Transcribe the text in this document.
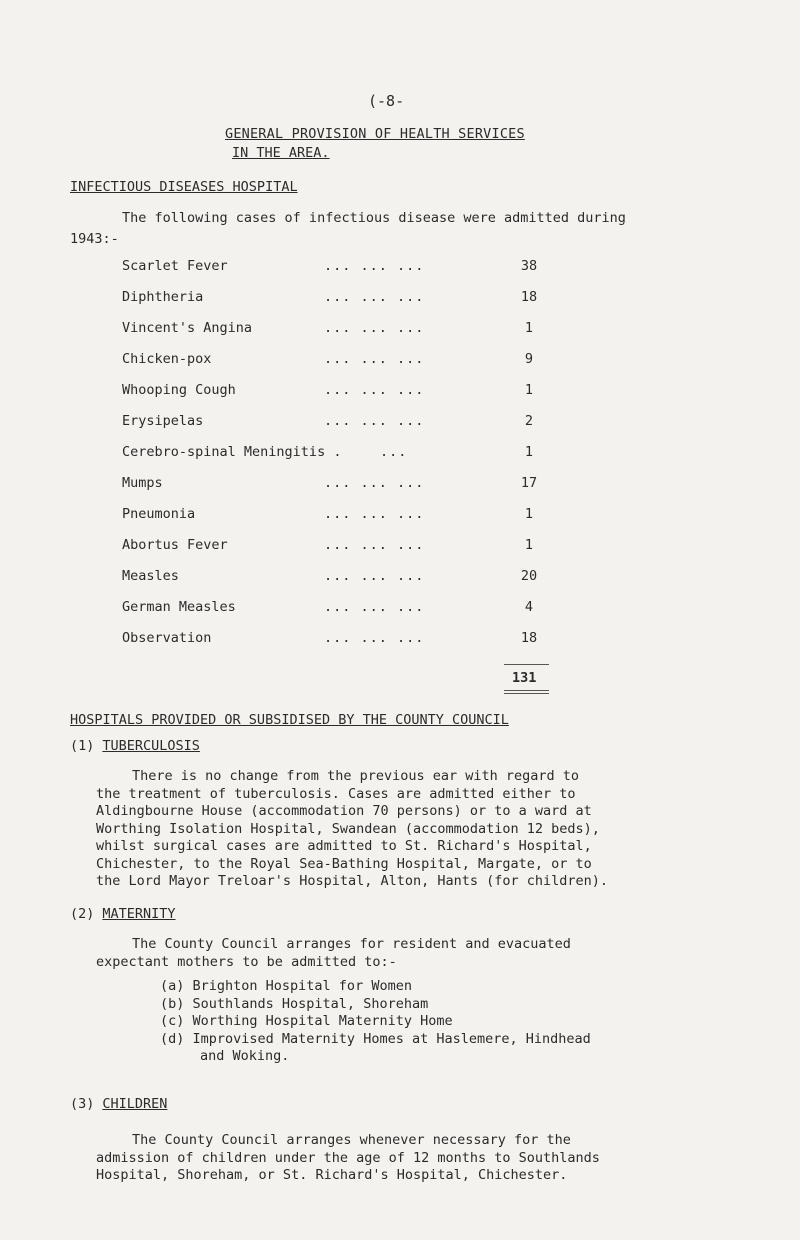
(-8-
GENERAL PROVISION OF HEALTH SERVICES
IN THE AREA.
INFECTIOUS DISEASES HOSPITAL
The following cases of infectious disease were admitted during
1943:-
Scarlet Fever	... ... ...	38
Diphtheria	... ... ...	18
Vincent's Angina	... ... ...	1
Chicken-pox	... ... ...	9
Whooping Cough	... ... ...	1
Erysipelas	... ... ...	2
Cerebro-spinal Meningitis .	...	1
Mumps	... ... ...	17
Pneumonia	... ... ...	1
Abortus Fever	... ... ...	1
Measles	... ... ...	20
German Measles	... ... ...	4
Observation	... ... ...	18
131
HOSPITALS PROVIDED OR SUBSIDISED BY THE COUNTY COUNCIL
(1) TUBERCULOSIS
There is no change from the previous ear with regard to
the treatment of tuberculosis. Cases are admitted either to
Aldingbourne House (accommodation 70 persons) or to a ward at
Worthing Isolation Hospital, Swandean (accommodation 12 beds),
whilst surgical cases are admitted to St. Richard's Hospital,
Chichester, to the Royal Sea-Bathing Hospital, Margate, or to
the Lord Mayor Treloar's Hospital, Alton, Hants (for children).
(2) MATERNITY
The County Council arranges for resident and evacuated
expectant mothers to be admitted to:-
(a) Brighton Hospital for Women
(b) Southlands Hospital, Shoreham
(c) Worthing Hospital Maternity Home
(d) Improvised Maternity Homes at Haslemere, Hindhead
and Woking.
(3) CHILDREN
The County Council arranges whenever necessary for the
admission of children under the age of 12 months to Southlands
Hospital, Shoreham, or St. Richard's Hospital, Chichester.
